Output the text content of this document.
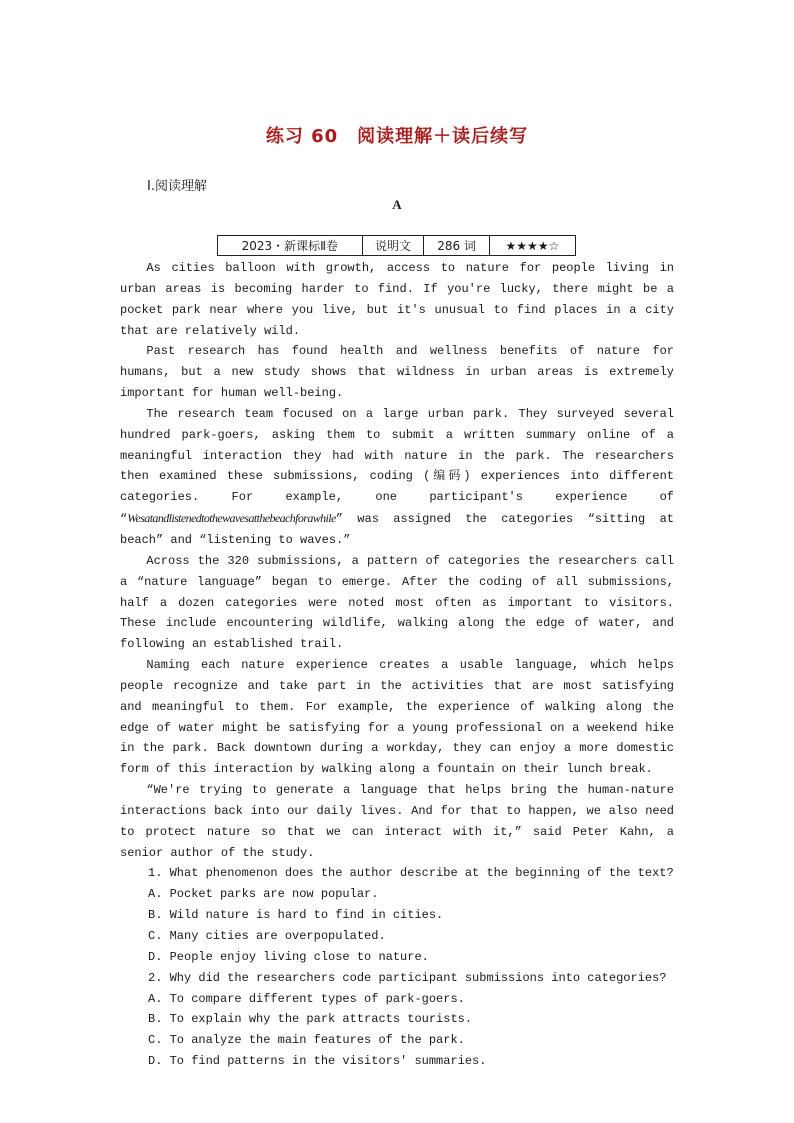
练习 60　阅读理解＋读后续写
Ⅰ.阅读理解
A
2023・新课标Ⅱ卷	说明文	286 词	★★★★☆

As cities balloon with growth, access to nature for people living in urban areas is becoming harder to find. If you're lucky, there might be a pocket park near where you live, but it's unusual to find places in a city that are relatively wild.

Past research has found health and wellness benefits of nature for humans, but a new study shows that wildness in urban areas is extremely important for human well-being.

The research team focused on a large urban park. They surveyed several hundred park-goers, asking them to submit a written summary online of a meaningful interaction they had with nature in the park. The researchers then examined these submissions, coding (编码) experiences into different categories. For example, one participant's experience of “Wesatandlistenedtothewavesatthebeachforawhile” was assigned the categories “sitting at beach” and “listening to waves.”

Across the 320 submissions, a pattern of categories the researchers call a “nature language” began to emerge. After the coding of all submissions, half a dozen categories were noted most often as important to visitors. These include encountering wildlife, walking along the edge of water, and following an established trail.

Naming each nature experience creates a usable language, which helps people recognize and take part in the activities that are most satisfying and meaningful to them. For example, the experience of walking along the edge of water might be satisfying for a young professional on a weekend hike in the park. Back downtown during a workday, they can enjoy a more domestic form of this interaction by walking along a fountain on their lunch break.

“We're trying to generate a language that helps bring the human-nature interactions back into our daily lives. And for that to happen, we also need to protect nature so that we can interact with it,” said Peter Kahn, a senior author of the study.

1. What phenomenon does the author describe at the beginning of the text?
A. Pocket parks are now popular.
B. Wild nature is hard to find in cities.
C. Many cities are overpopulated.
D. People enjoy living close to nature.
2. Why did the researchers code participant submissions into categories?
A. To compare different types of park-goers.
B. To explain why the park attracts tourists.
C. To analyze the main features of the park.
D. To find patterns in the visitors' summaries.
